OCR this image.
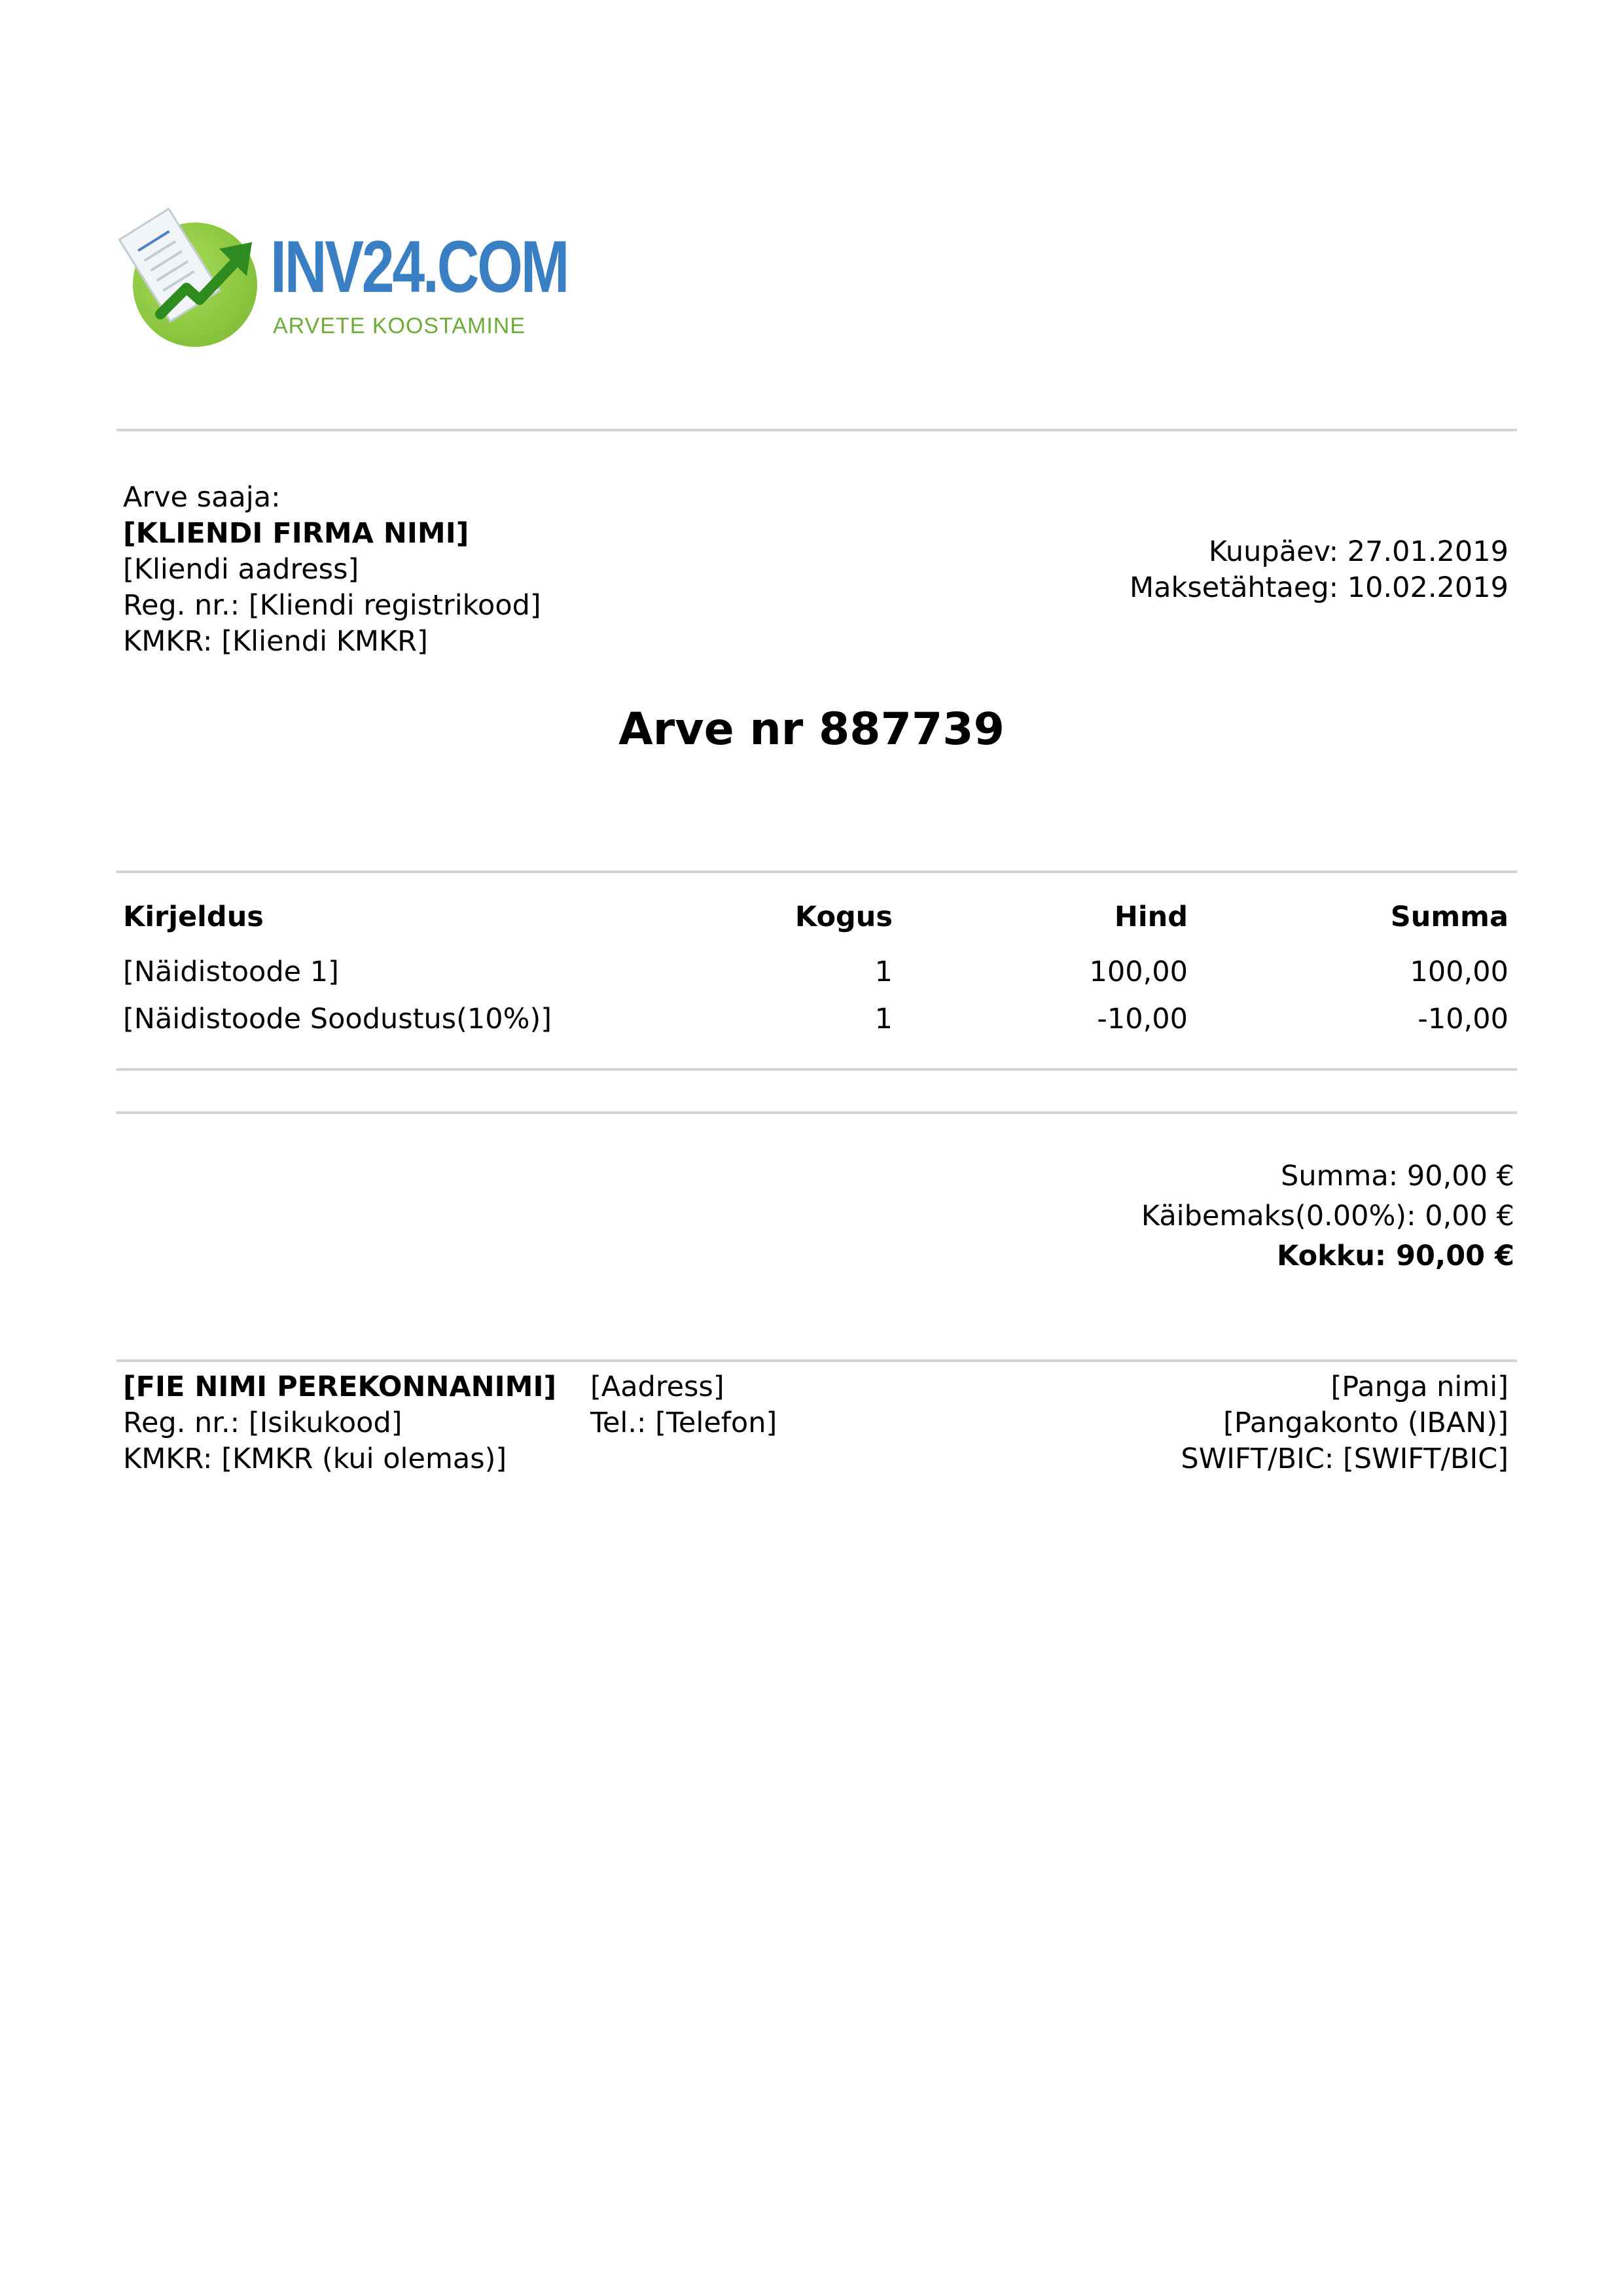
INV24.COM
ARVETE KOOSTAMINE
Arve saaja:
[KLIENDI FIRMA NIMI]
[Kliendi aadress]
Reg. nr.: [Kliendi registrikood]
KMKR: [Kliendi KMKR]
Kuupäev: 27.01.2019
Maksetähtaeg: 10.02.2019
Arve nr 887739
Kirjeldus	Kogus	Hind	Summa
[Näidistoode 1]	1	100,00	100,00
[Näidistoode Soodustus(10%)]	1	-10,00	-10,00
Summa: 90,00 €
Käibemaks(0.00%): 0,00 €
Kokku: 90,00 €
[FIE NIMI PEREKONNANIMI]
Reg. nr.: [Isikukood]
KMKR: [KMKR (kui olemas)]
[Aadress]
Tel.: [Telefon]
[Panga nimi]
[Pangakonto (IBAN)]
SWIFT/BIC: [SWIFT/BIC]
